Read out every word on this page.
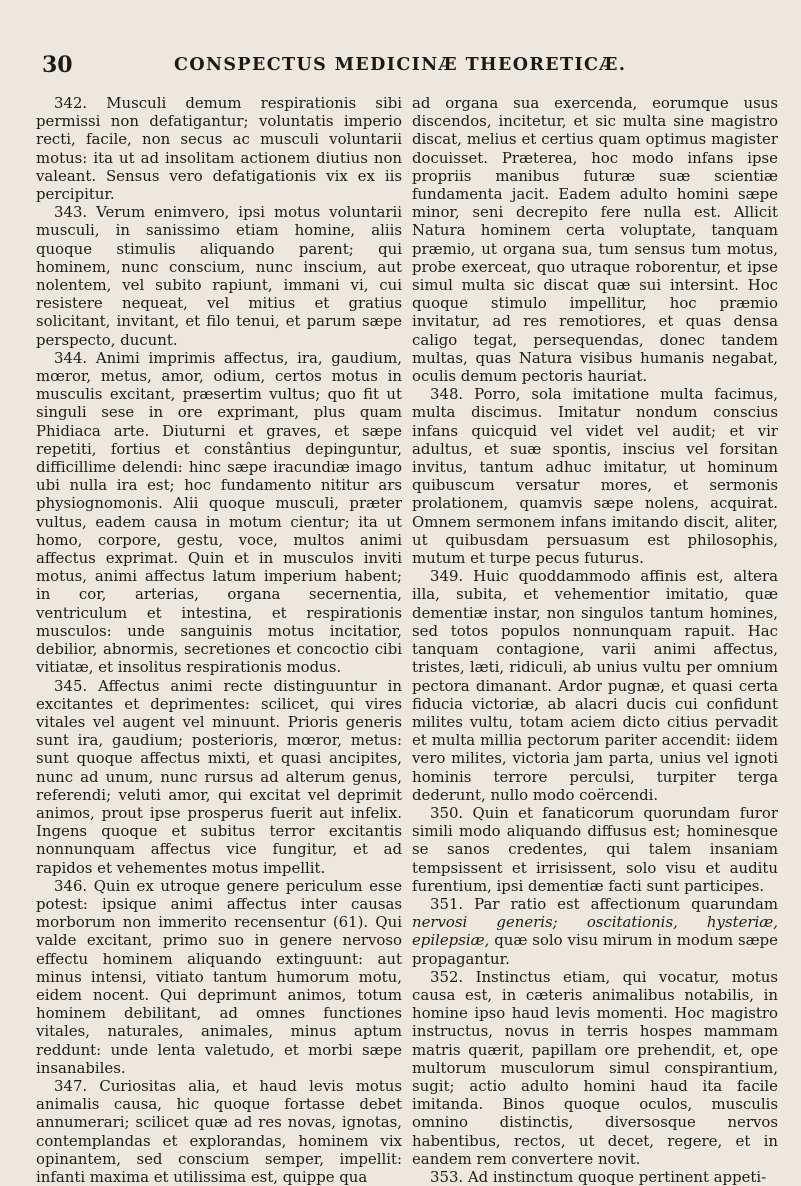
30	CONSPECTUS MEDICINÆ THEORETICÆ.

342. Musculi demum respirationis sibi permissi non defatigantur; voluntatis imperio recti, facile, non secus ac musculi voluntarii motus: ita ut ad insolitam actionem diutius non valeant. Sensus vero defatigationis vix ex iis percipitur.

343. Verum enimvero, ipsi motus voluntarii musculi, in sanissimo etiam homine, aliis quoque stimulis aliquando parent; qui hominem, nunc conscium, nunc inscium, aut nolentem, vel subito rapiunt, immani vi, cui resistere nequeat, vel mitius et gratius solicitant, invitant, et filo tenui, et parum sæpe perspecto, ducunt.

344. Animi imprimis affectus, ira, gaudium, mœror, metus, amor, odium, certos motus in musculis excitant, præsertim vultus; quo fit ut singuli sese in ore exprimant, plus quam Phidiaca arte. Diuturni et graves, et sæpe repetiti, fortius et constântius depinguntur, difficillime delendi: hinc sæpe iracundiæ imago ubi nulla ira est; hoc fundamento nititur ars physiognomonis. Alii quoque musculi, præter vultus, eadem causa in motum cientur; ita ut homo, corpore, gestu, voce, multos animi affectus exprimat. Quin et in musculos inviti motus, animi affectus latum imperium habent; in cor, arterias, organa secernentia, ventriculum et intestina, et respirationis musculos: unde sanguinis motus incitatior, debilior, abnormis, secretiones et concoctio cibi vitiatæ, et insolitus respirationis modus.

345. Affectus animi recte distinguuntur in excitantes et deprimentes: scilicet, qui vires vitales vel augent vel minuunt. Prioris generis sunt ira, gaudium; posterioris, mœror, metus: sunt quoque affectus mixti, et quasi ancipites, nunc ad unum, nunc rursus ad alterum genus, referendi; veluti amor, qui excitat vel deprimit animos, prout ipse prosperus fuerit aut infelix. Ingens quoque et subitus terror excitantis nonnunquam affectus vice fungitur, et ad rapidos et vehementes motus impellit.

346. Quin ex utroque genere periculum esse potest: ipsique animi affectus inter causas morborum non immerito recensentur (61). Qui valde excitant, primo suo in genere nervoso effectu hominem aliquando extinguunt: aut minus intensi, vitiato tantum humorum motu, eidem nocent. Qui deprimunt animos, totum hominem debilitant, ad omnes functiones vitales, naturales, animales, minus aptum reddunt: unde lenta valetudo, et morbi sæpe insanabiles.

347. Curiositas alia, et haud levis motus animalis causa, hic quoque fortasse debet annumerari; scilicet quæ ad res novas, ignotas, contemplandas et explorandas, hominem vix opinantem, sed conscium semper, impellit: infanti maxima et utilissima est, quippe qua

ad organa sua exercenda, eorumque usus discendos, incitetur, et sic multa sine magistro discat, melius et certius quam optimus magister docuisset. Præterea, hoc modo infans ipse propriis manibus futuræ suæ scientiæ fundamenta jacit. Eadem adulto homini sæpe minor, seni decrepito fere nulla est. Allicit Natura hominem certa voluptate, tanquam præmio, ut organa sua, tum sensus tum motus, probe exerceat, quo utraque roborentur, et ipse simul multa sic discat quæ sui intersint. Hoc quoque stimulo impellitur, hoc præmio invitatur, ad res remotiores, et quas densa caligo tegat, persequendas, donec tandem multas, quas Natura visibus humanis negabat, oculis demum pectoris hauriat.

348. Porro, sola imitatione multa facimus, multa discimus. Imitatur nondum conscius infans quicquid vel videt vel audit; et vir adultus, et suæ spontis, inscius vel forsitan invitus, tantum adhuc imitatur, ut hominum quibuscum versatur mores, et sermonis prolationem, quamvis sæpe nolens, acquirat. Omnem sermonem infans imitando discit, aliter, ut quibusdam persuasum est philosophis, mutum et turpe pecus futurus.

349. Huic quoddammodo affinis est, altera illa, subita, et vehementior imitatio, quæ dementiæ instar, non singulos tantum homines, sed totos populos nonnunquam rapuit. Hac tanquam contagione, varii animi affectus, tristes, læti, ridiculi, ab unius vultu per omnium pectora dimanant. Ardor pugnæ, et quasi certa fiducia victoriæ, ab alacri ducis cui confidunt milites vultu, totam aciem dicto citius pervadit et multa millia pectorum pariter accendit: iidem vero milites, victoria jam parta, unius vel ignoti hominis terrore perculsi, turpiter terga dederunt, nullo modo coërcendi.

350. Quin et fanaticorum quorundam furor simili modo aliquando diffusus est; hominesque se sanos credentes, qui talem insaniam tempsissent et irrisissent, solo visu et auditu furentium, ipsi dementiæ facti sunt participes.

351. Par ratio est affectionum quarundam nervosi generis; oscitationis, hysteriæ, epilepsiæ, quæ solo visu mirum in modum sæpe propagantur.

352. Instinctus etiam, qui vocatur, motus causa est, in cæteris animalibus notabilis, in homine ipso haud levis momenti. Hoc magistro instructus, novus in terris hospes mammam matris quærit, papillam ore prehendit, et, ope multorum musculorum simul conspirantium, sugit; actio adulto homini haud ita facile imitanda. Binos quoque oculos, musculis omnino distinctis, diversosque nervos habentibus, rectos, ut decet, regere, et in eandem rem convertere novit.

353. Ad instinctum quoque pertinent appeti-
